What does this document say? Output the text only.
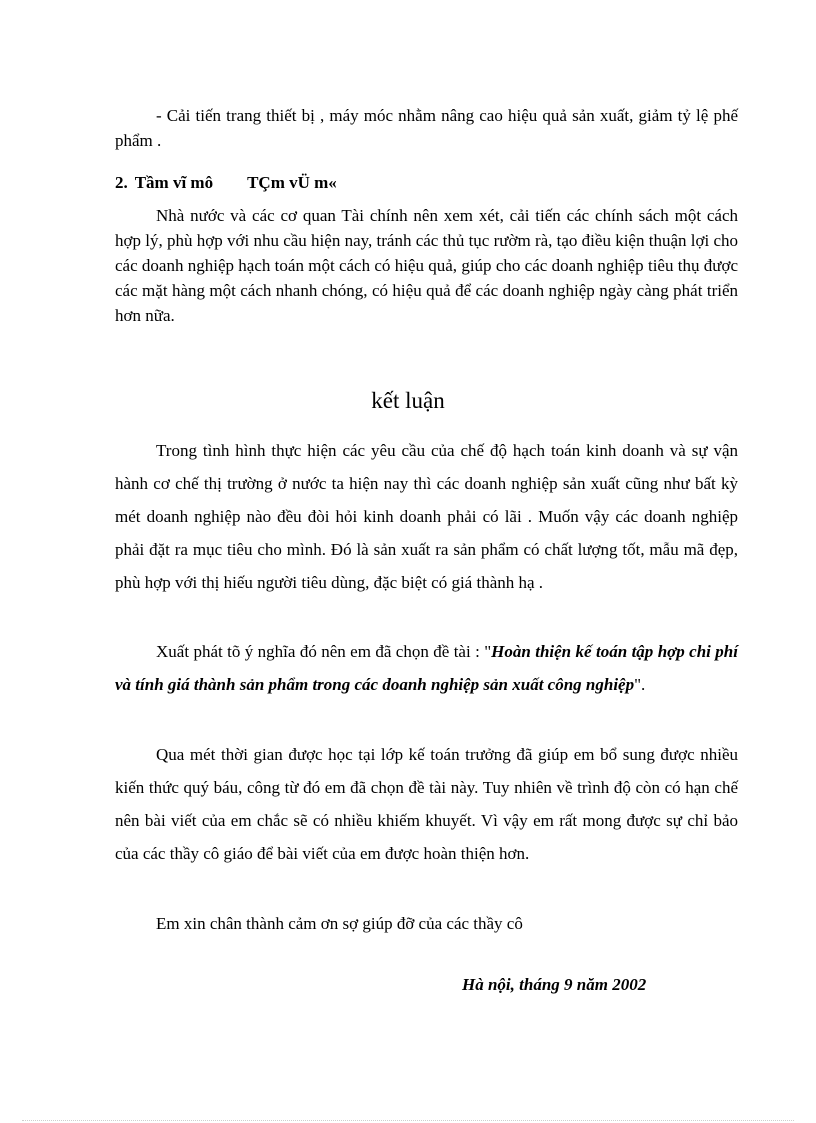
- Cải tiến trang thiết bị , máy móc nhằm nâng cao hiệu quả sản xuất, giảm tỷ lệ phế phẩm .

2. Tầm vĩ mô TÇm vÜ m«

Nhà nước và các cơ quan Tài chính nên xem xét, cải tiến các chính sách một cách hợp lý, phù hợp với nhu cầu hiện nay, tránh các thủ tục rườm rà, tạo điều kiện thuận lợi cho các doanh nghiệp hạch toán một cách có hiệu quả, giúp cho các doanh nghiệp tiêu thụ được các mặt hàng một cách nhanh chóng, có hiệu quả để các doanh nghiệp ngày càng phát triển hơn nữa.

kết luận

Trong tình hình thực hiện các yêu cầu của chế độ hạch toán kinh doanh và sự vận hành cơ chế thị trường ở nước ta hiện nay thì các doanh nghiệp sản xuất cũng như bất kỳ mét doanh nghiệp nào đều đòi hỏi kinh doanh phải có lãi . Muốn vậy các doanh nghiệp phải đặt ra mục tiêu cho mình. Đó là sản xuất ra sản phẩm có chất lượng tốt, mẫu mã đẹp, phù hợp với thị hiếu người tiêu dùng, đặc biệt có giá thành hạ .

Xuất phát tõ ý nghĩa đó nên em đã chọn đề tài : "Hoàn thiện kế toán tập hợp chi phí và tính giá thành sản phẩm trong các doanh nghiệp sản xuất công nghiệp".

Qua mét thời gian được học tại lớp kế toán trưởng đã giúp em bổ sung được nhiều kiến thức quý báu, công từ đó em đã chọn đề tài này. Tuy nhiên về trình độ còn có hạn chế nên bài viết của em chắc sẽ có nhiều khiếm khuyết. Vì vậy em rất mong được sự chỉ bảo của các thầy cô giáo để bài viết của em được hoàn thiện hơn.

Em xin chân thành cảm ơn sợ giúp đỡ của các thầy cô

Hà nội, tháng 9 năm 2002
